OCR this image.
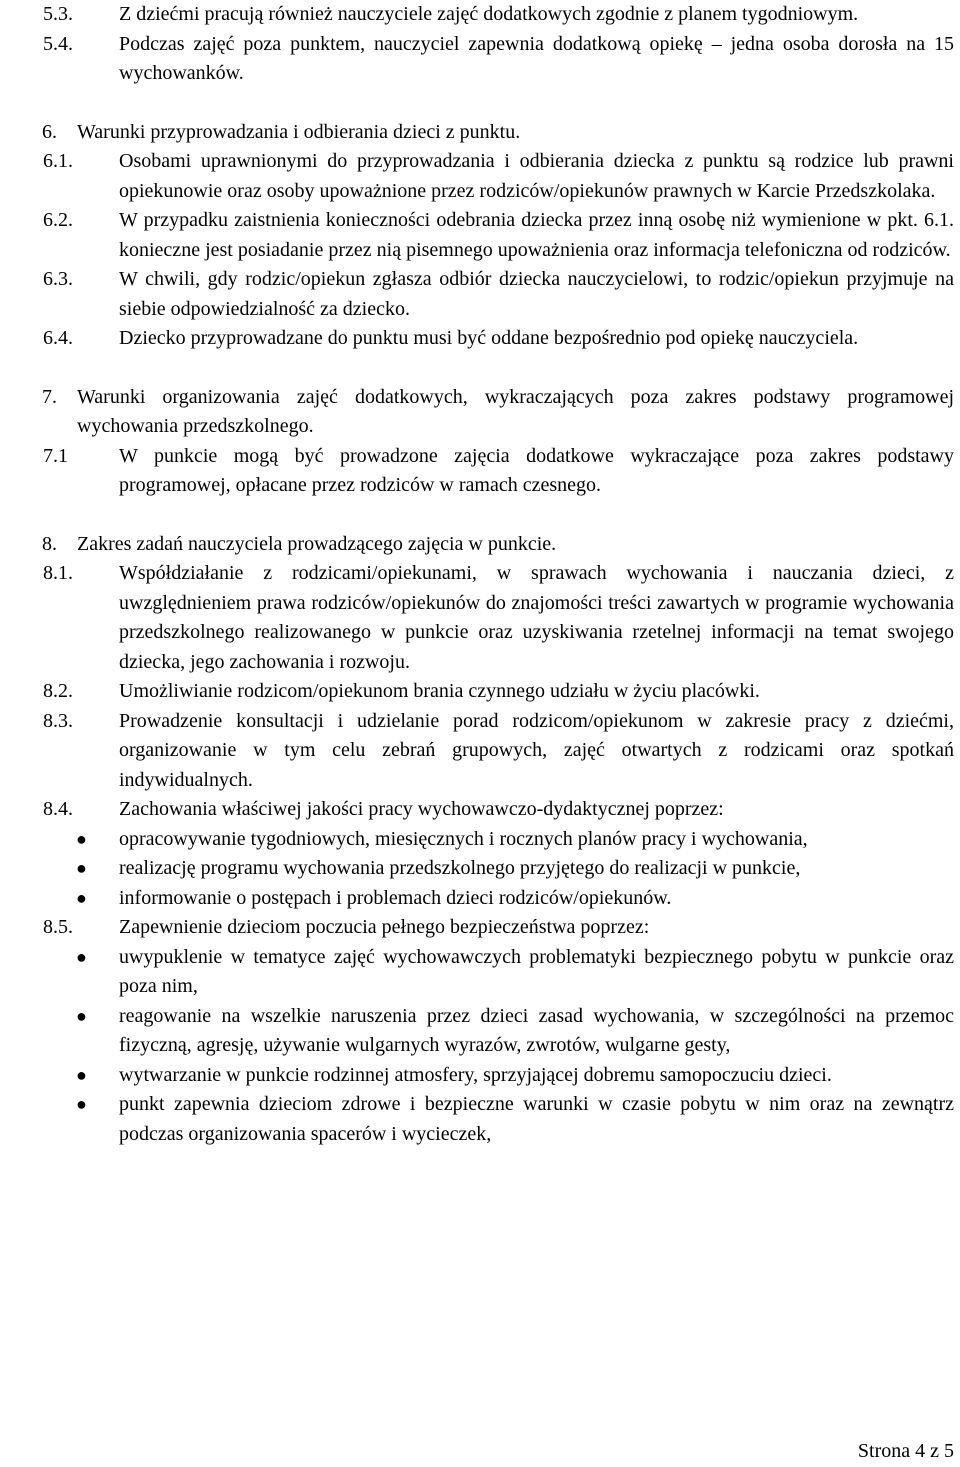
5.3. Z dziećmi pracują również nauczyciele zajęć dodatkowych zgodnie z planem tygodniowym.
5.4. Podczas zajęć poza punktem, nauczyciel zapewnia dodatkową opiekę – jedna osoba dorosła na 15 wychowanków.
6. Warunki przyprowadzania i odbierania dzieci z punktu.
6.1. Osobami uprawnionymi do przyprowadzania i odbierania dziecka z punktu są rodzice lub prawni opiekunowie oraz osoby upoważnione przez rodziców/opiekunów prawnych w Karcie Przedszkolaka.
6.2. W przypadku zaistnienia konieczności odebrania dziecka przez inną osobę niż wymienione w pkt. 6.1. konieczne jest posiadanie przez nią pisemnego upoważnienia oraz informacja telefoniczna od rodziców.
6.3. W chwili, gdy rodzic/opiekun zgłasza odbiór dziecka nauczycielowi, to rodzic/opiekun przyjmuje na siebie odpowiedzialność za dziecko.
6.4. Dziecko przyprowadzane do punktu musi być oddane bezpośrednio pod opiekę nauczyciela.
7. Warunki organizowania zajęć dodatkowych, wykraczających poza zakres podstawy programowej wychowania przedszkolnego.
7.1	W punkcie mogą być prowadzone zajęcia dodatkowe wykraczające poza zakres podstawy programowej, opłacane przez rodziców w ramach czesnego.
8. Zakres zadań nauczyciela prowadzącego zajęcia w punkcie.
8.1. Współdziałanie z rodzicami/opiekunami, w sprawach wychowania i nauczania dzieci, z uwzględnieniem prawa rodziców/opiekunów do znajomości treści zawartych w programie wychowania przedszkolnego realizowanego w punkcie oraz uzyskiwania rzetelnej informacji na temat swojego dziecka, jego zachowania i rozwoju.
8.2. Umożliwianie rodzicom/opiekunom brania czynnego udziału w życiu placówki.
8.3. Prowadzenie konsultacji i udzielanie porad rodzicom/opiekunom w zakresie pracy z dziećmi, organizowanie w tym celu zebrań grupowych, zajęć otwartych z rodzicami oraz spotkań indywidualnych.
8.4. Zachowania właściwej jakości pracy wychowawczo-dydaktycznej poprzez:
● opracowywanie tygodniowych, miesięcznych i rocznych planów pracy i wychowania,
● realizację programu wychowania przedszkolnego przyjętego do realizacji w punkcie,
● informowanie o postępach i problemach dzieci rodziców/opiekunów.
8.5. Zapewnienie dzieciom poczucia pełnego bezpieczeństwa poprzez:
● uwypuklenie w tematyce zajęć wychowawczych problematyki bezpiecznego pobytu w punkcie oraz poza nim,
● reagowanie na wszelkie naruszenia przez dzieci zasad wychowania, w szczególności na przemoc fizyczną, agresję, używanie wulgarnych wyrazów, zwrotów, wulgarne gesty,
● wytwarzanie w punkcie rodzinnej atmosfery, sprzyjającej dobremu samopoczuciu dzieci.
● punkt zapewnia dzieciom zdrowe i bezpieczne warunki w czasie pobytu w nim oraz na zewnątrz podczas organizowania spacerów i wycieczek,
Strona 4 z 5
